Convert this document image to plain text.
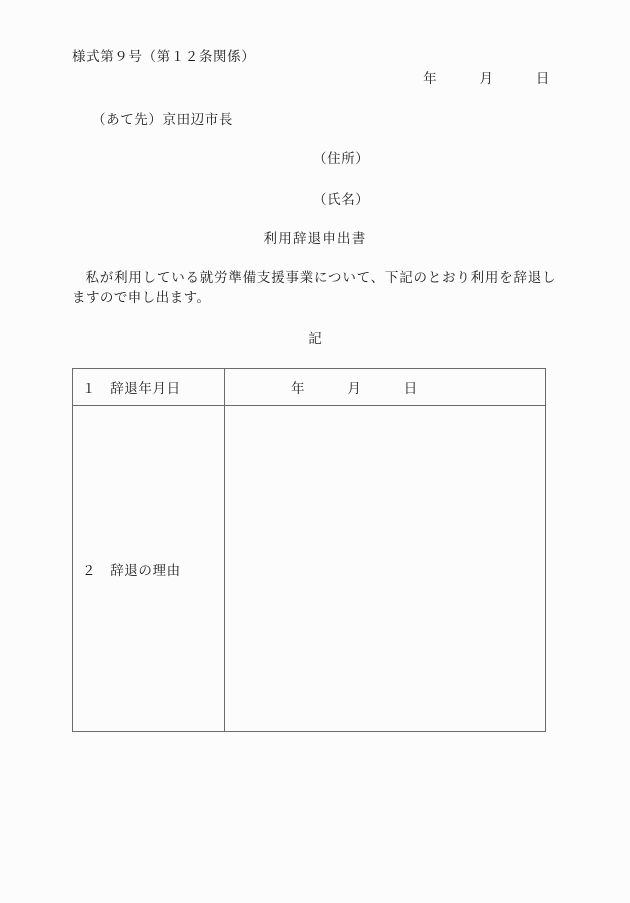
様式第９号（第１２条関係）
年　　　月　　　日
（あて先）京田辺市長
（住所）
（氏名）
利用辞退申出書
私が利用している就労準備支援事業について、下記のとおり利用を辞退しますので申し出ます。
記
１　辞退年月日	年　　　月　　　日

２　辞退の理由	
